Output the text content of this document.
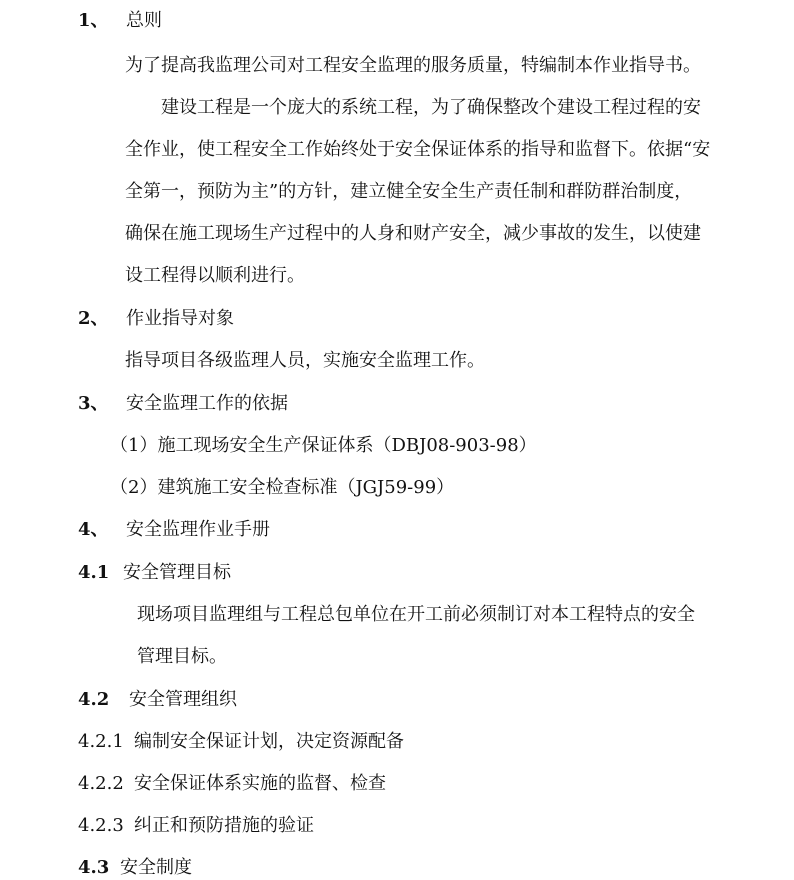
1、 总则
为了提高我监理公司对工程安全监理的服务质量，特编制本作业指导书。
建设工程是一个庞大的系统工程，为了确保整改个建设工程过程的安
全作业，使工程安全工作始终处于安全保证体系的指导和监督下。依据“安
全第一，预防为主”的方针，建立健全安全生产责任制和群防群治制度，
确保在施工现场生产过程中的人身和财产安全，减少事故的发生，以使建
设工程得以顺利进行。
2、 作业指导对象
指导项目各级监理人员，实施安全监理工作。
3、 安全监理工作的依据
（1）施工现场安全生产保证体系（DBJ08-903-98）
（2）建筑施工安全检查标准（JGJ59-99）
4、 安全监理作业手册
4.1 安全管理目标
现场项目监理组与工程总包单位在开工前必须制订对本工程特点的安全
管理目标。
4.2 安全管理组织
4.2.1 编制安全保证计划，决定资源配备
4.2.2 安全保证体系实施的监督、检查
4.2.3 纠正和预防措施的验证
4.3 安全制度
